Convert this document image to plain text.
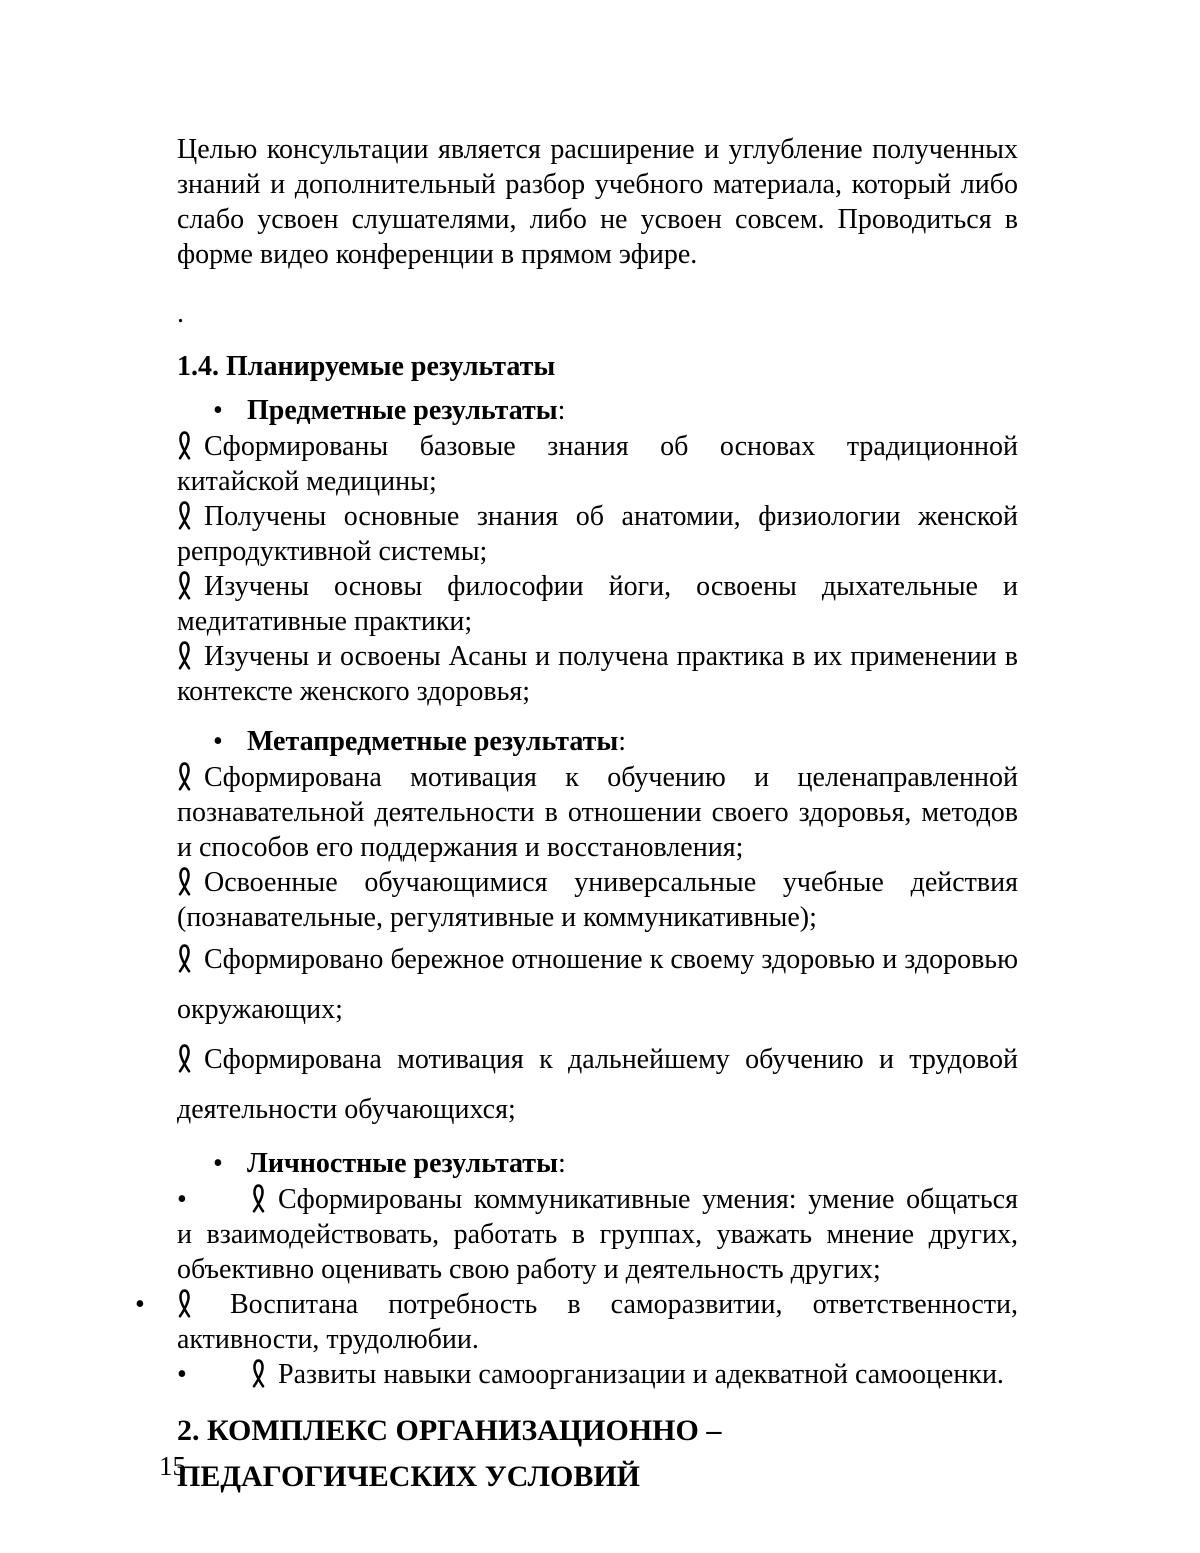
Целью консультации является расширение и углубление полученных знаний и дополнительный разбор учебного материала, который либо слабо усвоен слушателями, либо не усвоен совсем. Проводиться в форме видео конференции в прямом эфире.

.

1.4. Планируемые результаты

• Предметные результаты:

Сформированы базовые знания об основах традиционной китайской медицины;

Получены основные знания об анатомии, физиологии женской репродуктивной системы;

Изучены основы философии йоги, освоены дыхательные и медитативные практики;

Изучены и освоены Асаны и получена практика в их применении в контексте женского здоровья;

• Метапредметные результаты:

Сформирована мотивация к обучению и целенаправленной познавательной деятельности в отношении своего здоровья, методов и способов его поддержания и восстановления;

Освоенные обучающимися универсальные учебные действия (познавательные, регулятивные и коммуникативные);

Сформировано бережное отношение к своему здоровью и здоровью окружающих;

Сформирована мотивация к дальнейшему обучению и трудовой деятельности обучающихся;

• Личностные результаты:

•	Сформированы коммуникативные умения: умение общаться и взаимодействовать, работать в группах, уважать мнение других, объективно оценивать свою работу и деятельность других;

•	Воспитана потребность в саморазвитии, ответственности, активности, трудолюбии.

•	Развиты навыки самоорганизации и адекватной самооценки.

2. КОМПЛЕКС ОРГАНИЗАЦИОННО – ПЕДАГОГИЧЕСКИХ УСЛОВИЙ
15
